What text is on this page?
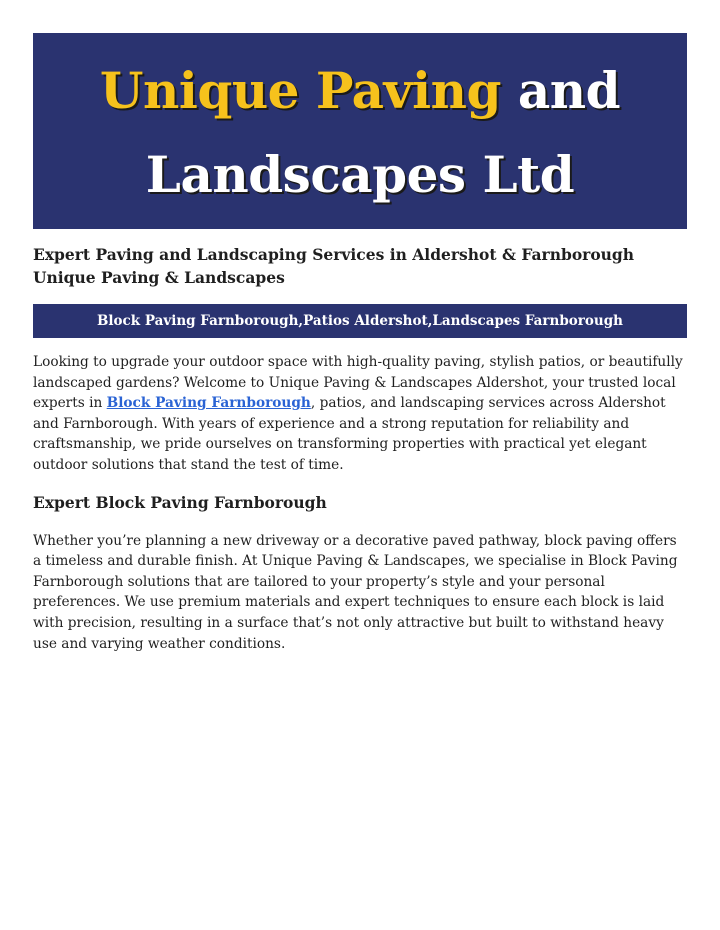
Unique Paving and
Landscapes Ltd
Expert Paving and Landscaping Services in Aldershot & Farnborough Unique Paving & Landscapes
Block Paving Farnborough,Patios Aldershot,Landscapes Farnborough

Looking to upgrade your outdoor space with high-quality paving, stylish patios, or beautifully landscaped gardens? Welcome to Unique Paving & Landscapes Aldershot, your trusted local experts in Block Paving Farnborough, patios, and landscaping services across Aldershot and Farnborough. With years of experience and a strong reputation for reliability and craftsmanship, we pride ourselves on transforming properties with practical yet elegant outdoor solutions that stand the test of time.

Expert Block Paving Farnborough

Whether you’re planning a new driveway or a decorative paved pathway, block paving offers a timeless and durable finish. At Unique Paving & Landscapes, we specialise in Block Paving Farnborough solutions that are tailored to your property’s style and your personal preferences. We use premium materials and expert techniques to ensure each block is laid with precision, resulting in a surface that’s not only attractive but built to withstand heavy use and varying weather conditions.
